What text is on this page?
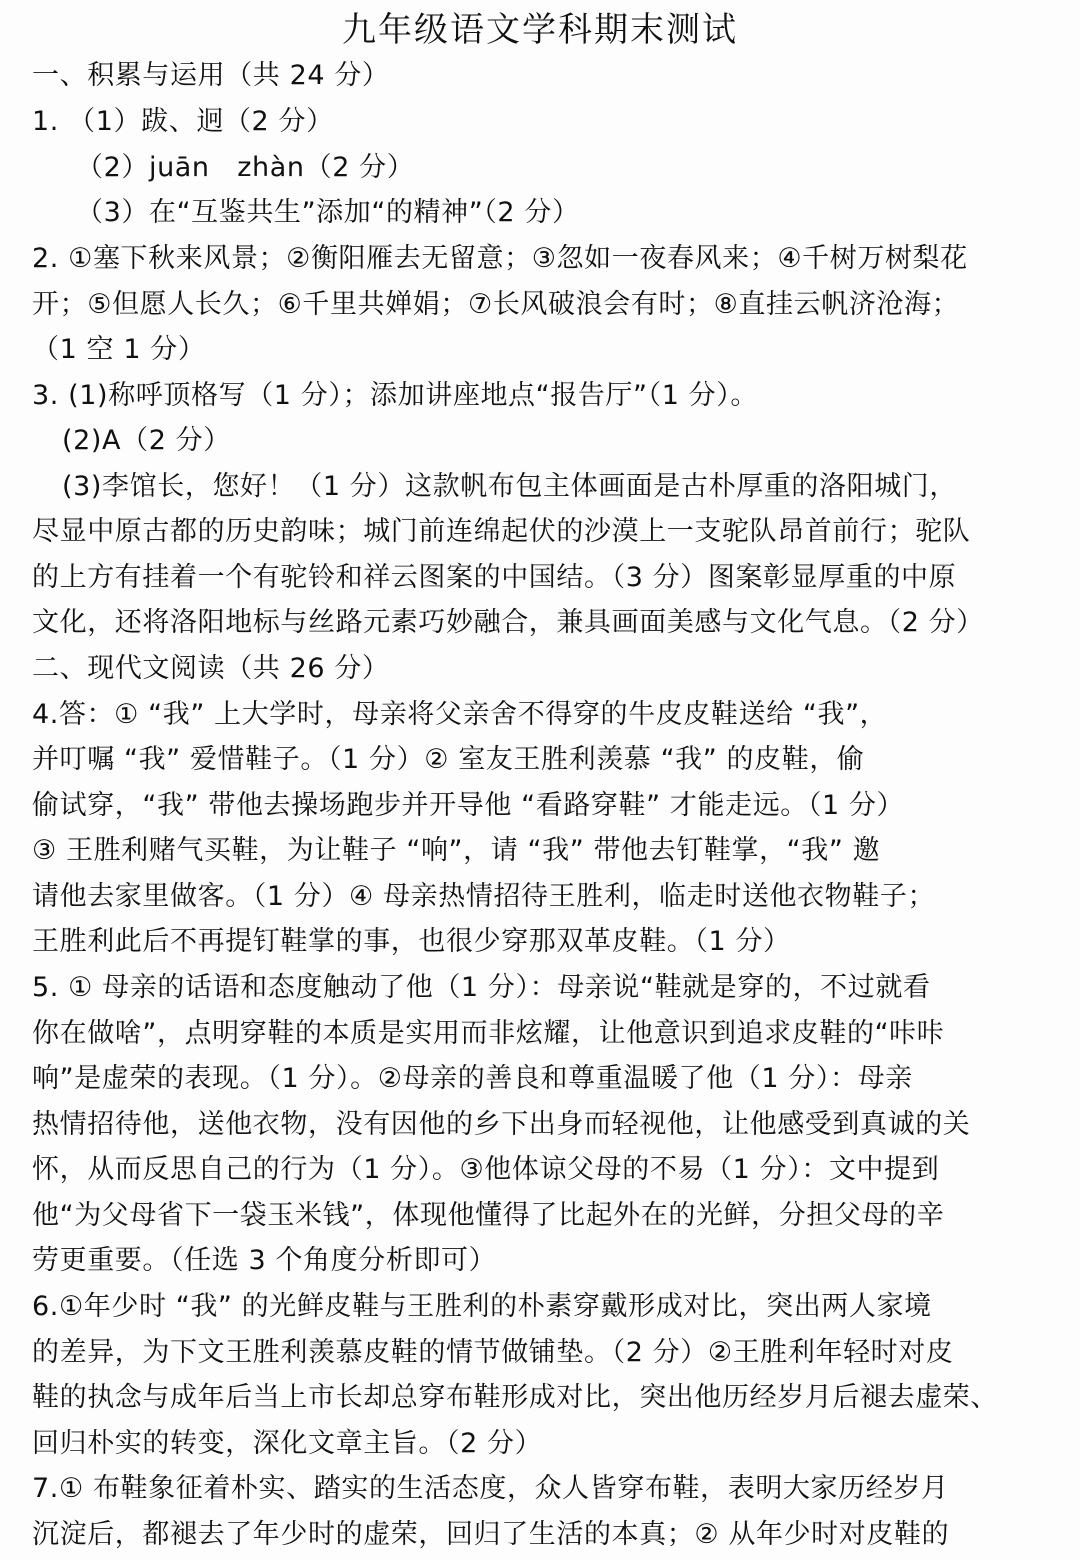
九年级语文学科期末测试
一、积累与运用（共 24 分）
1. （1）跋、迥（2 分）
（2）juān　zhàn（2 分）
（3）在“互鉴共生”添加“的精神”（2 分）
2. ①塞下秋来风景；②衡阳雁去无留意；③忽如一夜春风来；④千树万树梨花
开；⑤但愿人长久；⑥千里共婵娟；⑦长风破浪会有时；⑧直挂云帆济沧海；
（1 空 1 分）
3. (1)称呼顶格写（1 分）；添加讲座地点“报告厅”（1 分）。
(2)A（2 分）
(3)李馆长，您好！（1 分）这款帆布包主体画面是古朴厚重的洛阳城门，
尽显中原古都的历史韵味；城门前连绵起伏的沙漠上一支驼队昂首前行；驼队
的上方有挂着一个有驼铃和祥云图案的中国结。（3 分）图案彰显厚重的中原
文化，还将洛阳地标与丝路元素巧妙融合，兼具画面美感与文化气息。（2 分）
二、现代文阅读（共 26 分）
4.答：① “我” 上大学时，母亲将父亲舍不得穿的牛皮皮鞋送给 “我”，
并叮嘱 “我” 爱惜鞋子。（1 分）② 室友王胜利羡慕 “我” 的皮鞋，偷
偷试穿，“我” 带他去操场跑步并开导他 “看路穿鞋” 才能走远。（1 分）
③ 王胜利赌气买鞋，为让鞋子 “响”，请 “我” 带他去钉鞋掌，“我” 邀
请他去家里做客。（1 分）④ 母亲热情招待王胜利，临走时送他衣物鞋子；
王胜利此后不再提钉鞋掌的事，也很少穿那双革皮鞋。（1 分）
5. ① 母亲的话语和态度触动了他（1 分）：母亲说“鞋就是穿的，不过就看
你在做啥”，点明穿鞋的本质是实用而非炫耀，让他意识到追求皮鞋的“咔咔
响”是虚荣的表现。（1 分）。②母亲的善良和尊重温暖了他（1 分）：母亲
热情招待他，送他衣物，没有因他的乡下出身而轻视他，让他感受到真诚的关
怀，从而反思自己的行为（1 分）。③他体谅父母的不易（1 分）：文中提到
他“为父母省下一袋玉米钱”，体现他懂得了比起外在的光鲜，分担父母的辛
劳更重要。（任选 3 个角度分析即可）
6.①年少时 “我” 的光鲜皮鞋与王胜利的朴素穿戴形成对比，突出两人家境
的差异，为下文王胜利羡慕皮鞋的情节做铺垫。（2 分）②王胜利年轻时对皮
鞋的执念与成年后当上市长却总穿布鞋形成对比，突出他历经岁月后褪去虚荣、
回归朴实的转变，深化文章主旨。（2 分）
7.① 布鞋象征着朴实、踏实的生活态度，众人皆穿布鞋，表明大家历经岁月
沉淀后，都褪去了年少时的虚荣，回归了生活的本真；② 从年少时对皮鞋的
